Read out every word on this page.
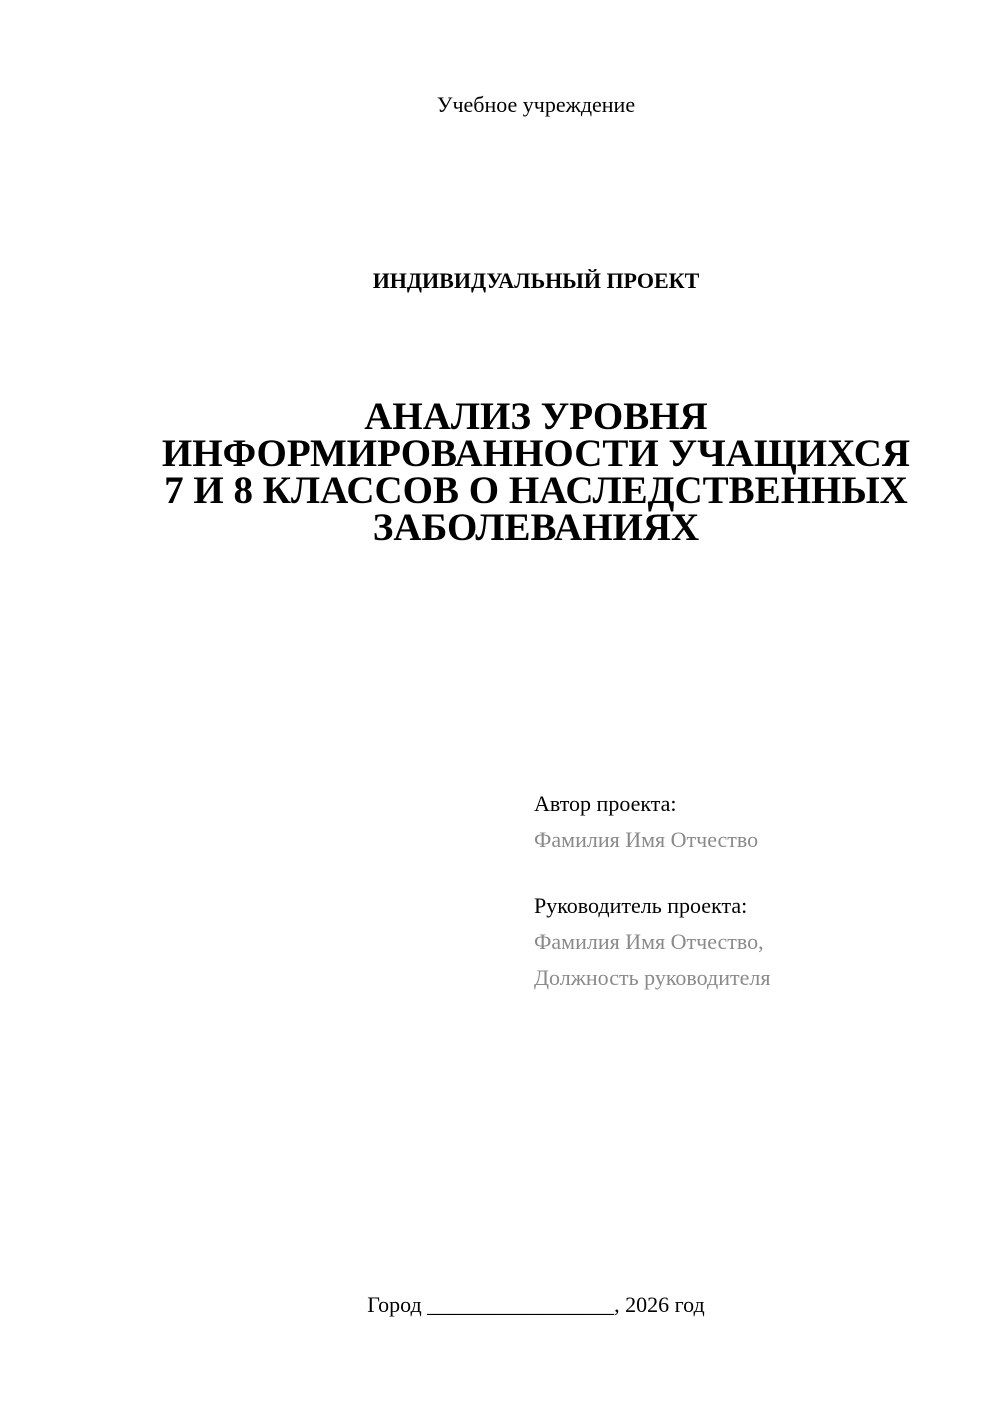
Учебное учреждение
ИНДИВИДУАЛЬНЫЙ ПРОЕКТ
АНАЛИЗ УРОВНЯ
ИНФОРМИРОВАННОСТИ УЧАЩИХСЯ
7 И 8 КЛАССОВ О НАСЛЕДСТВЕННЫХ
ЗАБОЛЕВАНИЯХ
Автор проекта:
Фамилия Имя Отчество
Руководитель проекта:
Фамилия Имя Отчество,
Должность руководителя
Город _________________, 2026 год
